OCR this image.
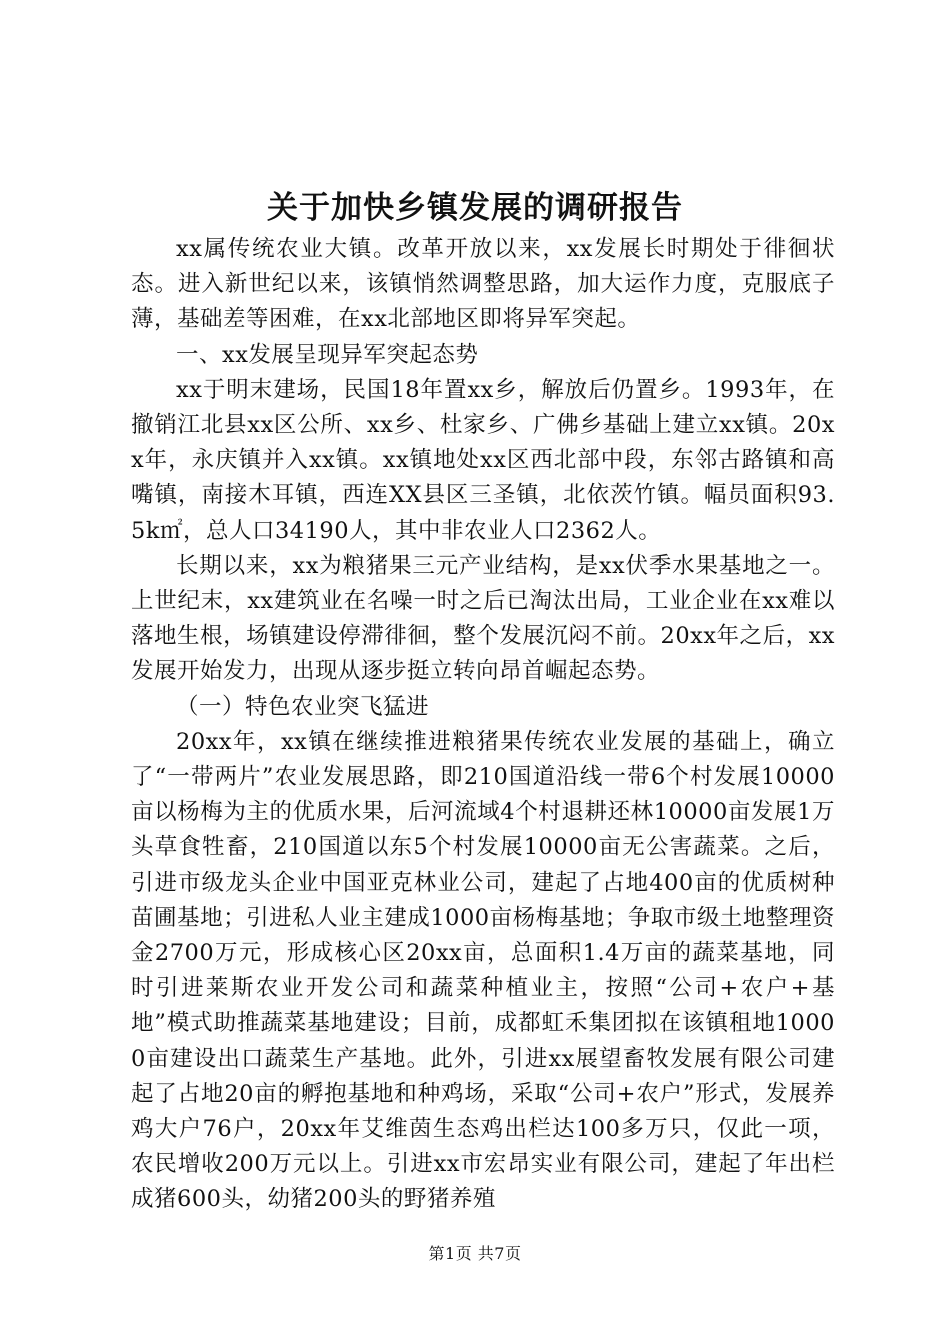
关于加快乡镇发展的调研报告

xx属传统农业大镇。改革开放以来，xx发展长时期处于徘徊状态。进入新世纪以来，该镇悄然调整思路，加大运作力度，克服底子薄，基础差等困难，在xx北部地区即将异军突起。

一、xx发展呈现异军突起态势

xx于明末建场，民国18年置xx乡，解放后仍置乡。1993年，在撤销江北县xx区公所、xx乡、杜家乡、广佛乡基础上建立xx镇。20xx年，永庆镇并入xx镇。xx镇地处xx区西北部中段，东邻古路镇和高嘴镇，南接木耳镇，西连XX县区三圣镇，北依茨竹镇。幅员面积93.5k㎡，总人口34190人，其中非农业人口2362人。

长期以来，xx为粮猪果三元产业结构，是xx伏季水果基地之一。上世纪末，xx建筑业在名噪一时之后已淘汰出局，工业企业在xx难以落地生根，场镇建设停滞徘徊，整个发展沉闷不前。20xx年之后，xx发展开始发力，出现从逐步挺立转向昂首崛起态势。

（一）特色农业突飞猛进

20xx年，xx镇在继续推进粮猪果传统农业发展的基础上，确立了“一带两片”农业发展思路，即210国道沿线一带6个村发展10000亩以杨梅为主的优质水果，后河流域4个村退耕还林10000亩发展1万头草食牲畜，210国道以东5个村发展10000亩无公害蔬菜。之后，引进市级龙头企业中国亚克林业公司，建起了占地400亩的优质树种苗圃基地；引进私人业主建成1000亩杨梅基地；争取市级土地整理资金2700万元，形成核心区20xx亩，总面积1.4万亩的蔬菜基地，同时引进莱斯农业开发公司和蔬菜种植业主，按照“公司+农户+基地”模式助推蔬菜基地建设；目前，成都虹禾集团拟在该镇租地10000亩建设出口蔬菜生产基地。此外，引进xx展望畜牧发展有限公司建起了占地20亩的孵抱基地和种鸡场，采取“公司+农户”形式，发展养鸡大户76户，20xx年艾维茵生态鸡出栏达100多万只，仅此一项，农民增收200万元以上。引进xx市宏昂实业有限公司，建起了年出栏成猪600头，幼猪200头的野猪养殖

第1页 共7页
